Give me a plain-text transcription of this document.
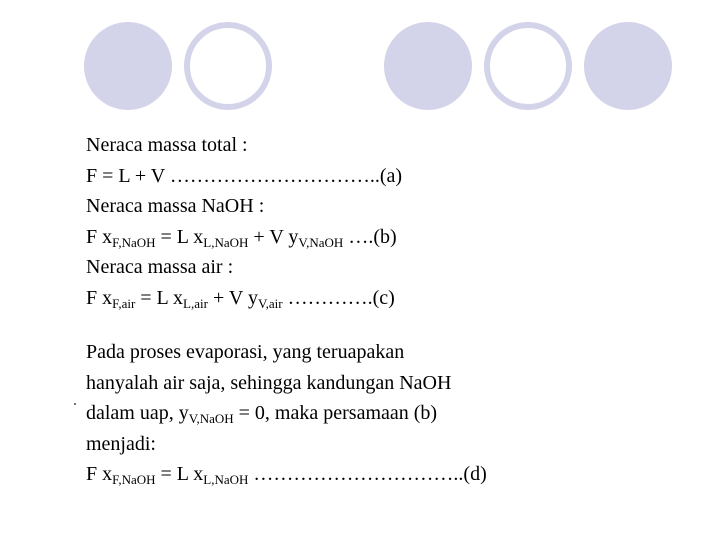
Neraca massa total :
F = L + V …………………………..(a)
Neraca massa NaOH :
F $x_{F,NaOH} = L$ $x_{L,NaOH} + V$ $y_{V,NaOH}$ ….(b)
Neraca massa air :
F $x_{F,air} = L$ $x_{L,air} + V$ $y_{V,air}$ ………….(c)
Pada proses evaporasi, yang teruapakan
hanyalah air saja, sehingga kandungan NaOH
dalam uap, $y_{V,NaOH} = 0$, maka persamaan (b)
menjadi:
F $x_{F,NaOH} = L$ $x_{L,NaOH}$ …………………………..(d)
